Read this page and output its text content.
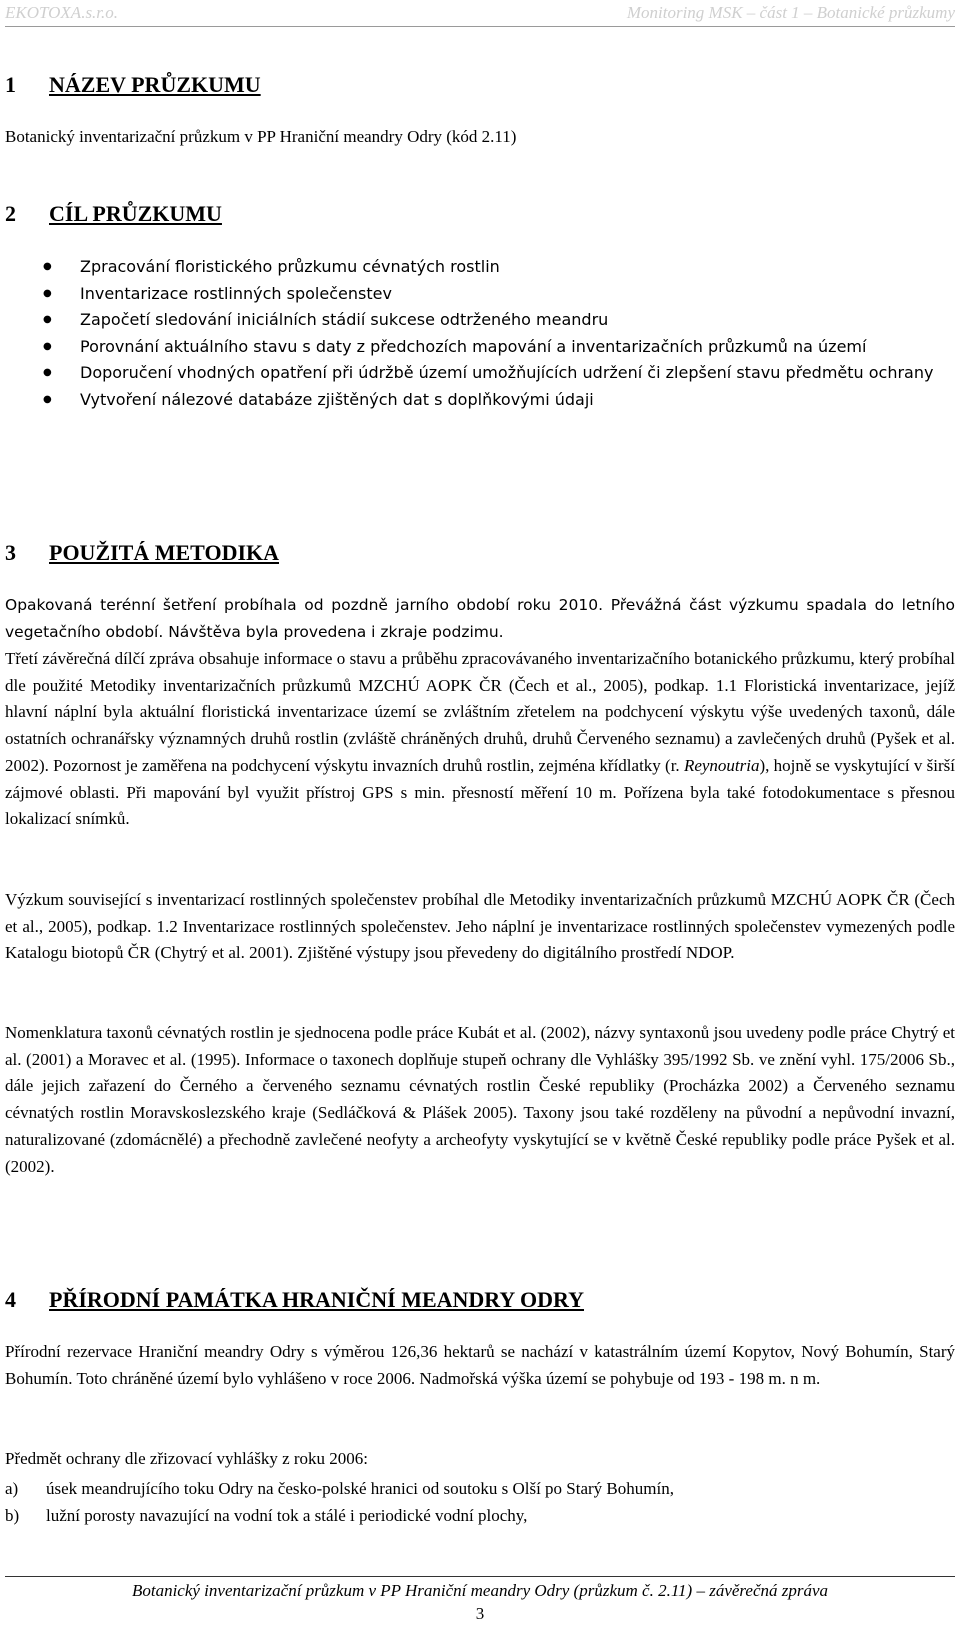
EKOTOXA.s.r.o.	Monitoring MSK – část 1 – Botanické průzkumy
1 NÁZEV PRŮZKUMU

Botanický inventarizační průzkum v PP Hraniční meandry Odry (kód 2.11)

2 CÍL PRŮZKUMU
● Zpracování floristického průzkumu cévnatých rostlin
● Inventarizace rostlinných společenstev
● Započetí sledování iniciálních stádií sukcese odtrženého meandru
● Porovnání aktuálního stavu s daty z předchozích mapování a inventarizačních průzkumů na území
● Doporučení vhodných opatření při údržbě území umožňujících udržení či zlepšení stavu předmětu ochrany
● Vytvoření nálezové databáze zjištěných dat s doplňkovými údaji
3 POUŽITÁ METODIKA

Opakovaná terénní šetření probíhala od pozdně jarního období roku 2010. Převážná část výzkumu spadala do letního vegetačního období. Návštěva byla provedena i zkraje podzimu.

Třetí závěrečná dílčí zpráva obsahuje informace o stavu a průběhu zpracovávaného inventarizačního botanického průzkumu, který probíhal dle použité Metodiky inventarizačních průzkumů MZCHÚ AOPK ČR (Čech et al., 2005), podkap. 1.1 Floristická inventarizace, jejíž hlavní náplní byla aktuální floristická inventarizace území se zvláštním zřetelem na podchycení výskytu výše uvedených taxonů, dále ostatních ochranářsky významných druhů rostlin (zvláště chráněných druhů, druhů Červeného seznamu) a zavlečených druhů (Pyšek et al. 2002). Pozornost je zaměřena na podchycení výskytu invazních druhů rostlin, zejména křídlatky (r. Reynoutria), hojně se vyskytující v širší zájmové oblasti. Při mapování byl využit přístroj GPS s min. přesností měření 10 m. Pořízena byla také fotodokumentace s přesnou lokalizací snímků.

Výzkum související s inventarizací rostlinných společenstev probíhal dle Metodiky inventarizačních průzkumů MZCHÚ AOPK ČR (Čech et al., 2005), podkap. 1.2 Inventarizace rostlinných společenstev. Jeho náplní je inventarizace rostlinných společenstev vymezených podle Katalogu biotopů ČR (Chytrý et al. 2001). Zjištěné výstupy jsou převedeny do digitálního prostředí NDOP.

Nomenklatura taxonů cévnatých rostlin je sjednocena podle práce Kubát et al. (2002), názvy syntaxonů jsou uvedeny podle práce Chytrý et al. (2001) a Moravec et al. (1995). Informace o taxonech doplňuje stupeň ochrany dle Vyhlášky 395/1992 Sb. ve znění vyhl. 175/2006 Sb., dále jejich zařazení do Černého a červeného seznamu cévnatých rostlin České republiky (Procházka 2002) a Červeného seznamu cévnatých rostlin Moravskoslezského kraje (Sedláčková & Plášek 2005). Taxony jsou také rozděleny na původní a nepůvodní invazní, naturalizované (zdomácnělé) a přechodně zavlečené neofyty a archeofyty vyskytující se v květně České republiky podle práce Pyšek et al. (2002).

4 PŘÍRODNÍ PAMÁTKA HRANIČNÍ MEANDRY ODRY

Přírodní rezervace Hraniční meandry Odry s výměrou 126,36 hektarů se nachází v katastrálním území Kopytov, Nový Bohumín, Starý Bohumín. Toto chráněné území bylo vyhlášeno v roce 2006. Nadmořská výška území se pohybuje od 193 - 198 m. n m.

Předmět ochrany dle zřizovací vyhlášky z roku 2006:

a) úsek meandrujícího toku Odry na česko-polské hranici od soutoku s Olší po Starý Bohumín,
b) lužní porosty navazující na vodní tok a stálé i periodické vodní plochy,
Botanický inventarizační průzkum v PP Hraniční meandry Odry (průzkum č. 2.11) – závěrečná zpráva
3
